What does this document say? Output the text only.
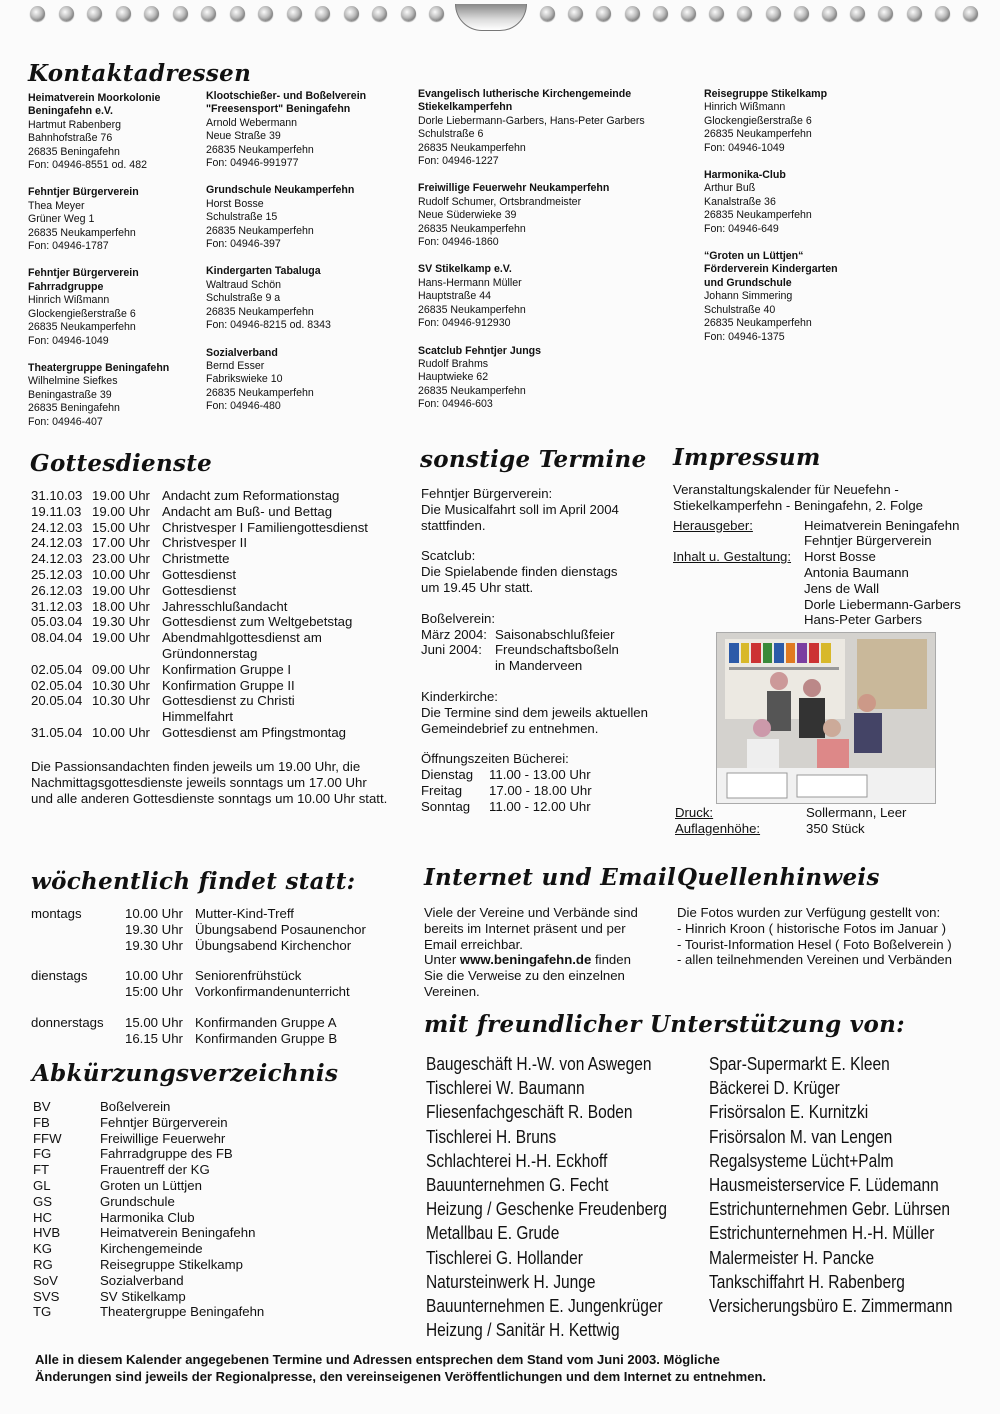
Kontaktadressen
Heimatverein Moorkolonie
Beningafehn e.V.
Hartmut Rabenberg
Bahnhofstraße 76
26835 Beningafehn
Fon: 04946-8551 od. 482
Fehntjer Bürgerverein
Thea Meyer
Grüner Weg 1
26835 Neukamperfehn
Fon: 04946-1787
Fehntjer Bürgerverein
Fahrradgruppe
Hinrich Wißmann
Glockengießerstraße 6
26835 Neukamperfehn
Fon: 04946-1049
Theatergruppe Beningafehn
Wilhelmine Siefkes
Beningastraße 39
26835 Beningafehn
Fon: 04946-407
Klootschießer- und Boßelverein
"Freesensport" Beningafehn
Arnold Webermann
Neue Straße 39
26835 Neukamperfehn
Fon: 04946-991977
Grundschule Neukamperfehn
Horst Bosse
Schulstraße 15
26835 Neukamperfehn
Fon: 04946-397
Kindergarten Tabaluga
Waltraud Schön
Schulstraße 9 a
26835 Neukamperfehn
Fon: 04946-8215 od. 8343
Sozialverband
Bernd Esser
Fabrikswieke 10
26835 Neukamperfehn
Fon: 04946-480
Evangelisch lutherische Kirchengemeinde
Stiekelkamperfehn
Dorle Liebermann-Garbers, Hans-Peter Garbers
Schulstraße 6
26835 Neukamperfehn
Fon: 04946-1227
Freiwillige Feuerwehr Neukamperfehn
Rudolf Schumer, Ortsbrandmeister
Neue Süderwieke 39
26835 Neukamperfehn
Fon: 04946-1860
SV Stikelkamp e.V.
Hans-Hermann Müller
Hauptstraße 44
26835 Neukamperfehn
Fon: 04946-912930
Scatclub Fehntjer Jungs
Rudolf Brahms
Hauptwieke 62
26835 Neukamperfehn
Fon: 04946-603
Reisegruppe Stikelkamp
Hinrich Wißmann
Glockengießerstraße 6
26835 Neukamperfehn
Fon: 04946-1049
Harmonika-Club
Arthur Buß
Kanalstraße 36
26835 Neukamperfehn
Fon: 04946-649
“Groten un Lüttjen“
Förderverein Kindergarten
und Grundschule
Johann Simmering
Schulstraße 40
26835 Neukamperfehn
Fon: 04946-1375
Gottesdienste
31.10.03 19.00 Uhr Andacht zum Reformationstag
19.11.03 19.00 Uhr Andacht am Buß- und Bettag
24.12.03 15.00 Uhr Christvesper I Familiengottesdienst
24.12.03 17.00 Uhr Christvesper II
24.12.03 23.00 Uhr Christmette
25.12.03 10.00 Uhr Gottesdienst
26.12.03 19.00 Uhr Gottesdienst
31.12.03 18.00 Uhr Jahresschlußandacht
05.03.04 19.30 Uhr Gottesdienst zum Weltgebetstag
08.04.04 19.00 Uhr Abendmahlgottesdienst am
Gründonnerstag
02.05.04 09.00 Uhr Konfirmation Gruppe I
02.05.04 10.30 Uhr Konfirmation Gruppe II
20.05.04 10.30 Uhr Gottesdienst zu Christi
Himmelfahrt
31.05.04 10.00 Uhr Gottesdienst am Pfingstmontag
Die Passionsandachten finden jeweils um 19.00 Uhr, die
Nachmittagsgottesdienste jeweils sonntags um 17.00 Uhr
und alle anderen Gottesdienste sonntags um 10.00 Uhr statt.
sonstige Termine
Fehntjer Bürgerverein:
Die Musicalfahrt soll im April 2004
stattfinden.
Scatclub:
Die Spielabende finden dienstags
um 19.45 Uhr statt.
Boßelverein:
März 2004: Saisonabschlußfeier
Juni 2004: Freundschaftsboßeln
in Manderveen
Kinderkirche:
Die Termine sind dem jeweils aktuellen
Gemeindebrief zu entnehmen.
Öffnungszeiten Bücherei:
Dienstag	11.00 - 13.00 Uhr
Freitag	17.00 - 18.00 Uhr
Sonntag	11.00 - 12.00 Uhr
Impressum
Veranstaltungskalender für Neuefehn -
Stiekelkamperfehn - Beningafehn, 2. Folge
Herausgeber:	Heimatverein Beningafehn
Fehntjer Bürgerverein
Inhalt u. Gestaltung: Horst Bosse
Antonia Baumann
Jens de Wall
Dorle Liebermann-Garbers
Hans-Peter Garbers
Druck:	Sollermann, Leer
Auflagenhöhe:	350 Stück
wöchentlich findet statt:
montags	10.00 Uhr Mutter-Kind-Treff
19.30 Uhr Übungsabend Posaunenchor
19.30 Uhr Übungsabend Kirchenchor
dienstags	10.00 Uhr Seniorenfrühstück
15:00 Uhr Vorkonfirmandenunterricht
donnerstags	15.00 Uhr Konfirmanden Gruppe A
16.15 Uhr Konfirmanden Gruppe B
Internet und Email
Viele der Vereine und Verbände sind
bereits im Internet präsent und per
Email erreichbar.
Unter www.beningafehn.de finden
Sie die Verweise zu den einzelnen
Vereinen.
Quellenhinweis
Die Fotos wurden zur Verfügung gestellt von:
- Hinrich Kroon ( historische Fotos im Januar )
- Tourist-Information Hesel ( Foto Boßelverein )
- allen teilnehmenden Vereinen und Verbänden
mit freundlicher Unterstützung von:
Baugeschäft H.-W. von Aswegen
Tischlerei W. Baumann
Fliesenfachgeschäft R. Boden
Tischlerei H. Bruns
Schlachterei H.-H. Eckhoff
Bauunternehmen G. Fecht
Heizung / Geschenke Freudenberg
Metallbau E. Grude
Tischlerei G. Hollander
Natursteinwerk H. Junge
Bauunternehmen E. Jungenkrüger
Heizung / Sanitär H. Kettwig
Spar-Supermarkt E. Kleen
Bäckerei D. Krüger
Frisörsalon E. Kurnitzki
Frisörsalon M. van Lengen
Regalsysteme Lücht+Palm
Hausmeisterservice F. Lüdemann
Estrichunternehmen Gebr. Lührsen
Estrichunternehmen H.-H. Müller
Malermeister H. Pancke
Tankschiffahrt H. Rabenberg
Versicherungsbüro E. Zimmermann
Abkürzungsverzeichnis
BV	Boßelverein
FB	Fehntjer Bürgerverein
FFW	Freiwillige Feuerwehr
FG	Fahrradgruppe des FB
FT	Frauentreff der KG
GL	Groten un Lüttjen
GS	Grundschule
HC	Harmonika Club
HVB	Heimatverein Beningafehn
KG	Kirchengemeinde
RG	Reisegruppe Stikelkamp
SoV	Sozialverband
SVS	SV Stikelkamp
TG	Theatergruppe Beningafehn
Alle in diesem Kalender angegebenen Termine und Adressen entsprechen dem Stand vom Juni 2003. Mögliche
Änderungen sind jeweils der Regionalpresse, den vereinseigenen Veröffentlichungen und dem Internet zu entnehmen.
